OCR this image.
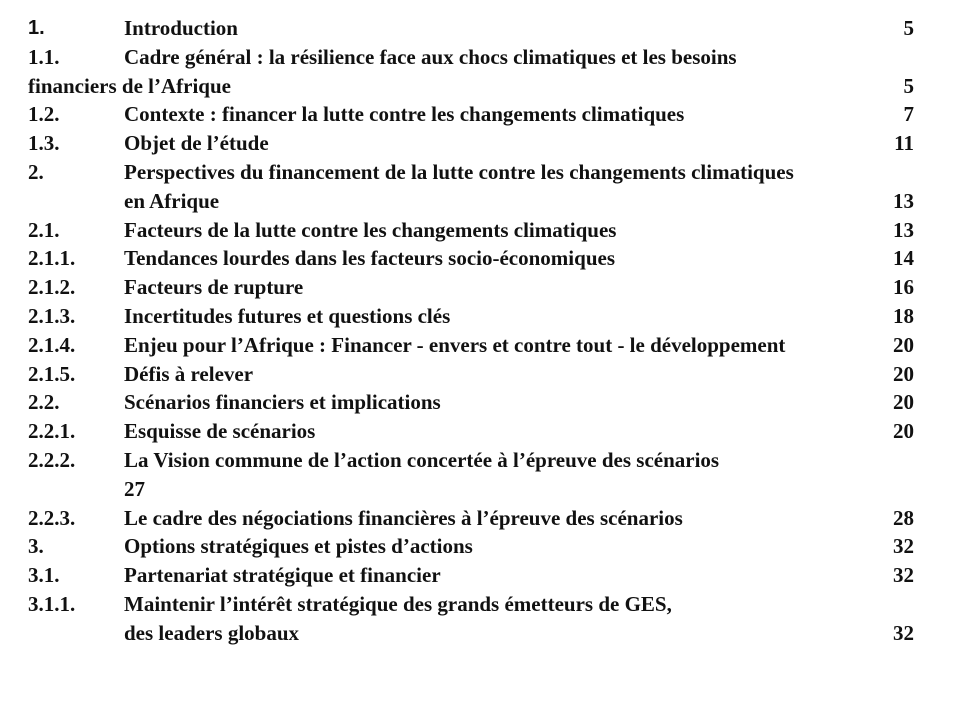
1.	Introduction	5
1.1.	Cadre général : la résilience face aux chocs climatiques et les besoins
financiers de l’Afrique	5
1.2.	Contexte : financer la lutte contre les changements climatiques	7
1.3.	Objet de l’étude	11
2.	Perspectives du financement de la lutte contre les changements climatiques
en Afrique	13
2.1.	Facteurs de la lutte contre les changements climatiques	13
2.1.1. Tendances lourdes dans les facteurs socio-économiques	14
2.1.2. Facteurs de rupture	16
2.1.3. Incertitudes futures et questions clés	18
2.1.4. Enjeu pour l’Afrique : Financer - envers et contre tout - le développement	20
2.1.5. Défis à relever	20
2.2.	Scénarios financiers et implications	20
2.2.1. Esquisse de scénarios	20
2.2.2. La Vision commune de l’action concertée à l’épreuve des scénarios
27
2.2.3. Le cadre des négociations financières à l’épreuve des scénarios	28
3.	Options stratégiques et pistes d’actions	32
3.1.	Partenariat stratégique et financier	32
3.1.1. Maintenir l’intérêt stratégique des grands émetteurs de GES,
des leaders globaux	32
